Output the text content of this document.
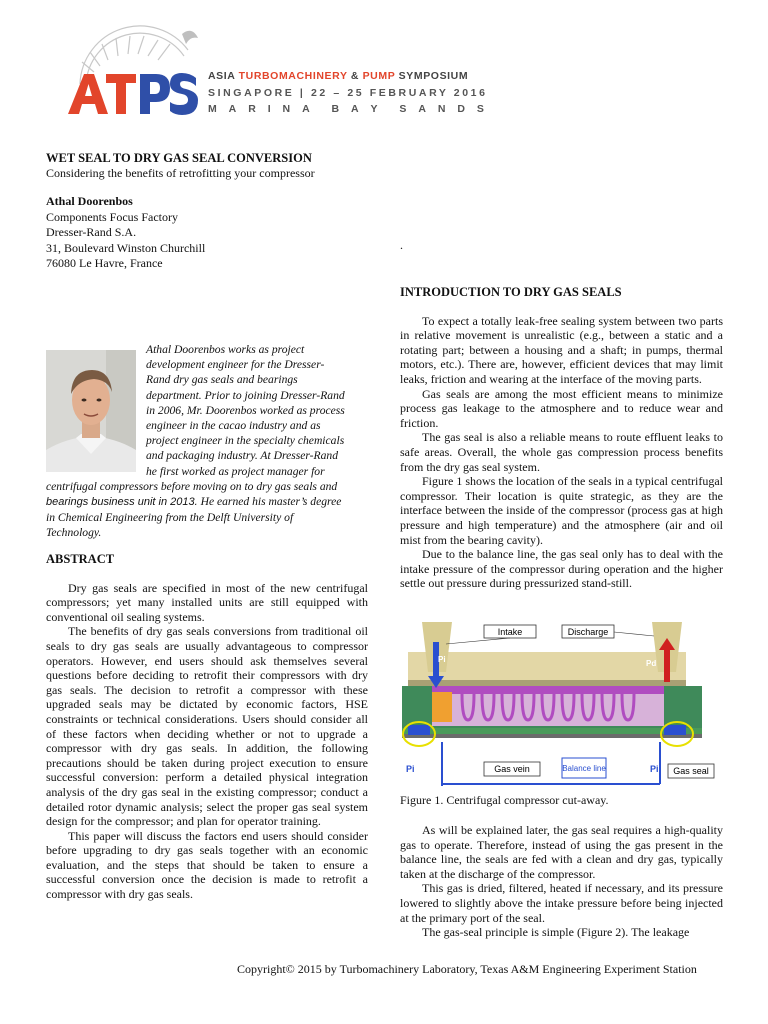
ASIA TURBOMACHINERY & PUMP SYMPOSIUM
SINGAPORE | 22 – 25 FEBRUARY 2016
M A R I N A B A Y S A N D S
WET SEAL TO DRY GAS SEAL CONVERSION
Considering the benefits of retrofitting your compressor
Athal Doorenbos
Components Focus Factory
Dresser-Rand S.A.
31, Boulevard Winston Churchill
76080 Le Havre, France
.
Athal Doorenbos works as project
development engineer for the Dresser-
Rand dry gas seals and bearings
department. Prior to joining Dresser-Rand
in 2006, Mr. Doorenbos worked as process
engineer in the cacao industry and as
project engineer in the specialty chemicals
and packaging industry. At Dresser-Rand
he first worked as project manager for
centrifugal compressors before moving on to dry gas seals and
bearings business unit in 2013. He earned his master’s degree
in Chemical Engineering from the Delft University of
Technology.
ABSTRACT

Dry gas seals are specified in most of the new centrifugal compressors; yet many installed units are still equipped with conventional oil sealing systems.

The benefits of dry gas seals conversions from traditional oil seals to dry gas seals are usually advantageous to compressor operators. However, end users should ask themselves several questions before deciding to retrofit their compressors with dry gas seals. The decision to retrofit a compressor with these upgraded seals may be dictated by economic factors, HSE constraints or technical considerations. Users should consider all of these factors when deciding whether or not to upgrade a compressor with dry gas seals. In addition, the following precautions should be taken during project execution to ensure successful conversion: perform a detailed physical integration analysis of the dry gas seal in the existing compressor; conduct a detailed rotor dynamic analysis; select the proper gas seal system design for the compressor; and plan for operator training.

This paper will discuss the factors end users should consider before upgrading to dry gas seals together with an economic evaluation, and the steps that should be taken to ensure a successful conversion once the decision is made to retrofit a compressor with dry gas seals.

INTRODUCTION TO DRY GAS SEALS

To expect a totally leak-free sealing system between two parts in relative movement is unrealistic (e.g., between a static and a rotating part; between a housing and a shaft; in pumps, thermal motors, etc.). There are, however, efficient devices that may limit leaks, friction and wearing at the interface of the moving parts.

Gas seals are among the most efficient means to minimize process gas leakage to the atmosphere and to reduce wear and friction.

The gas seal is also a reliable means to route effluent leaks to safe areas. Overall, the whole gas compression process benefits from the dry gas seal system.

Figure 1 shows the location of the seals in a typical centrifugal compressor. Their location is quite strategic, as they are the interface between the inside of the compressor (process gas at high pressure and high temperature) and the atmosphere (air and oil mist from the bearing cavity).

Due to the balance line, the gas seal only has to deal with the intake pressure of the compressor during operation and the higher settle out pressure during pressurized stand-still.

Intake	Discharge
Pi	Pd
Pi	Pi
Gas vein	Balance line	Gas seal
Figure 1. Centrifugal compressor cut-away.

As will be explained later, the gas seal requires a high-quality gas to operate. Therefore, instead of using the gas present in the balance line, the seals are fed with a clean and dry gas, typically taken at the discharge of the compressor.

This gas is dried, filtered, heated if necessary, and its pressure lowered to slightly above the intake pressure before being injected at the primary port of the seal.

The gas-seal principle is simple (Figure 2). The leakage

Copyright© 2015 by Turbomachinery Laboratory, Texas A&M Engineering Experiment Station
